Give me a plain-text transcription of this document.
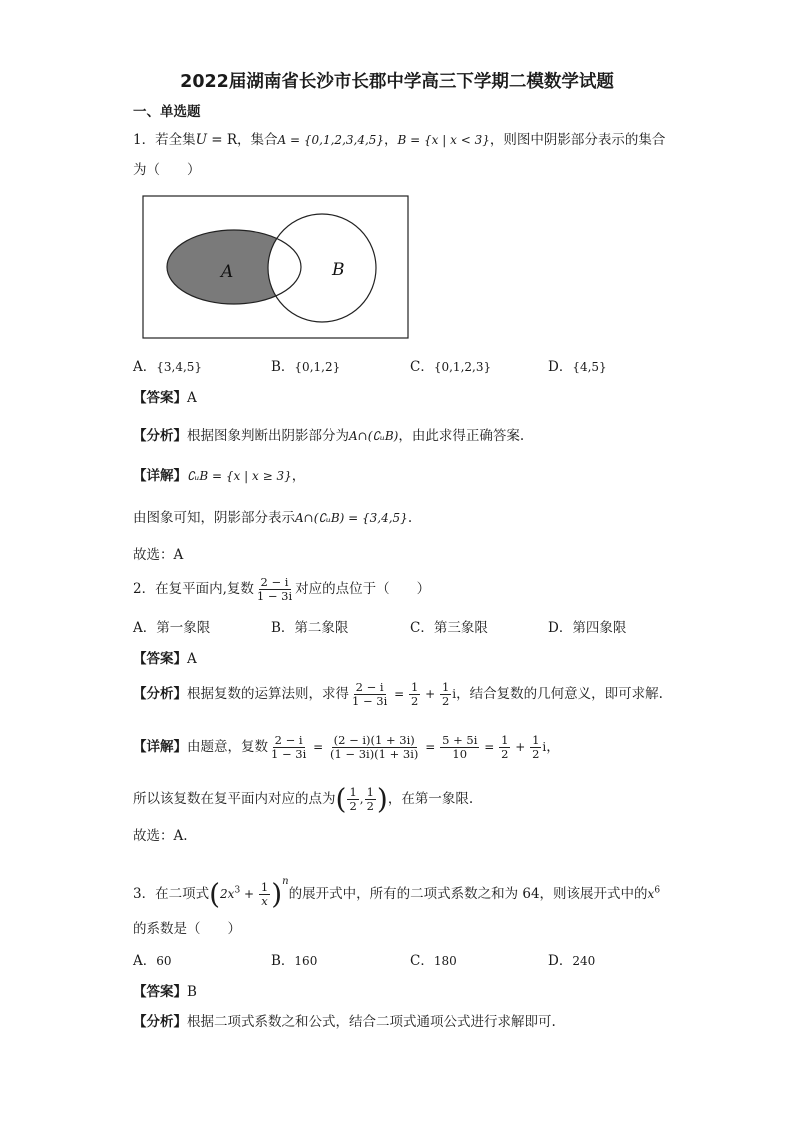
2022届湖南省长沙市长郡中学高三下学期二模数学试题
一、单选题
1．若全集U = R，集合A = {0,1,2,3,4,5}，B = {x | x < 3}，则图中阴影部分表示的集合
为（　　）
A	B
A．{3,4,5}	B．{0,1,2}	C．{0,1,2,3}	D．{4,5}
【答案】A
【分析】根据图象判断出阴影部分为A∩(∁ᵤB)，由此求得正确答案.
【详解】∁ᵤB = {x | x ≥ 3}，
由图象可知，阴影部分表示A∩(∁ᵤB) = {3,4,5}.
故选：A
2．在复平面内,复数 $\frac{2 - i}{1 - 3i}$ 对应的点位于（　　）
A．第一象限	B．第二象限	C．第三象限	D．第四象限
【答案】A
【分析】根据复数的运算法则，求得 $\frac{2 - i}{1 - 3i} = \frac{1}{2} + \frac{1}{2}$ i，结合复数的几何意义，即可求解.
【详解】由题意，复数 $\frac{2 - i}{1 - 3i} = \frac{(2 - i)(1 + 3i)}{(1 - 3i)(1 + 3i)} = \frac{5 + 5i}{10} = \frac{1}{2} + \frac{1}{2}$ i，
所以该复数在复平面内对应的点为( $\frac{1}{2}$ , $\frac{1}{2}$ )，在第一象限.
故选：A.
3．在二项式$(2x^3 + \frac{1}{x} )^n$的展开式中，所有的二项式系数之和为 64，则该展开式中的$x^6$
的系数是（　　）
A．60	B．160	C．180	D．240
【答案】B
【分析】根据二项式系数之和公式，结合二项式通项公式进行求解即可.
